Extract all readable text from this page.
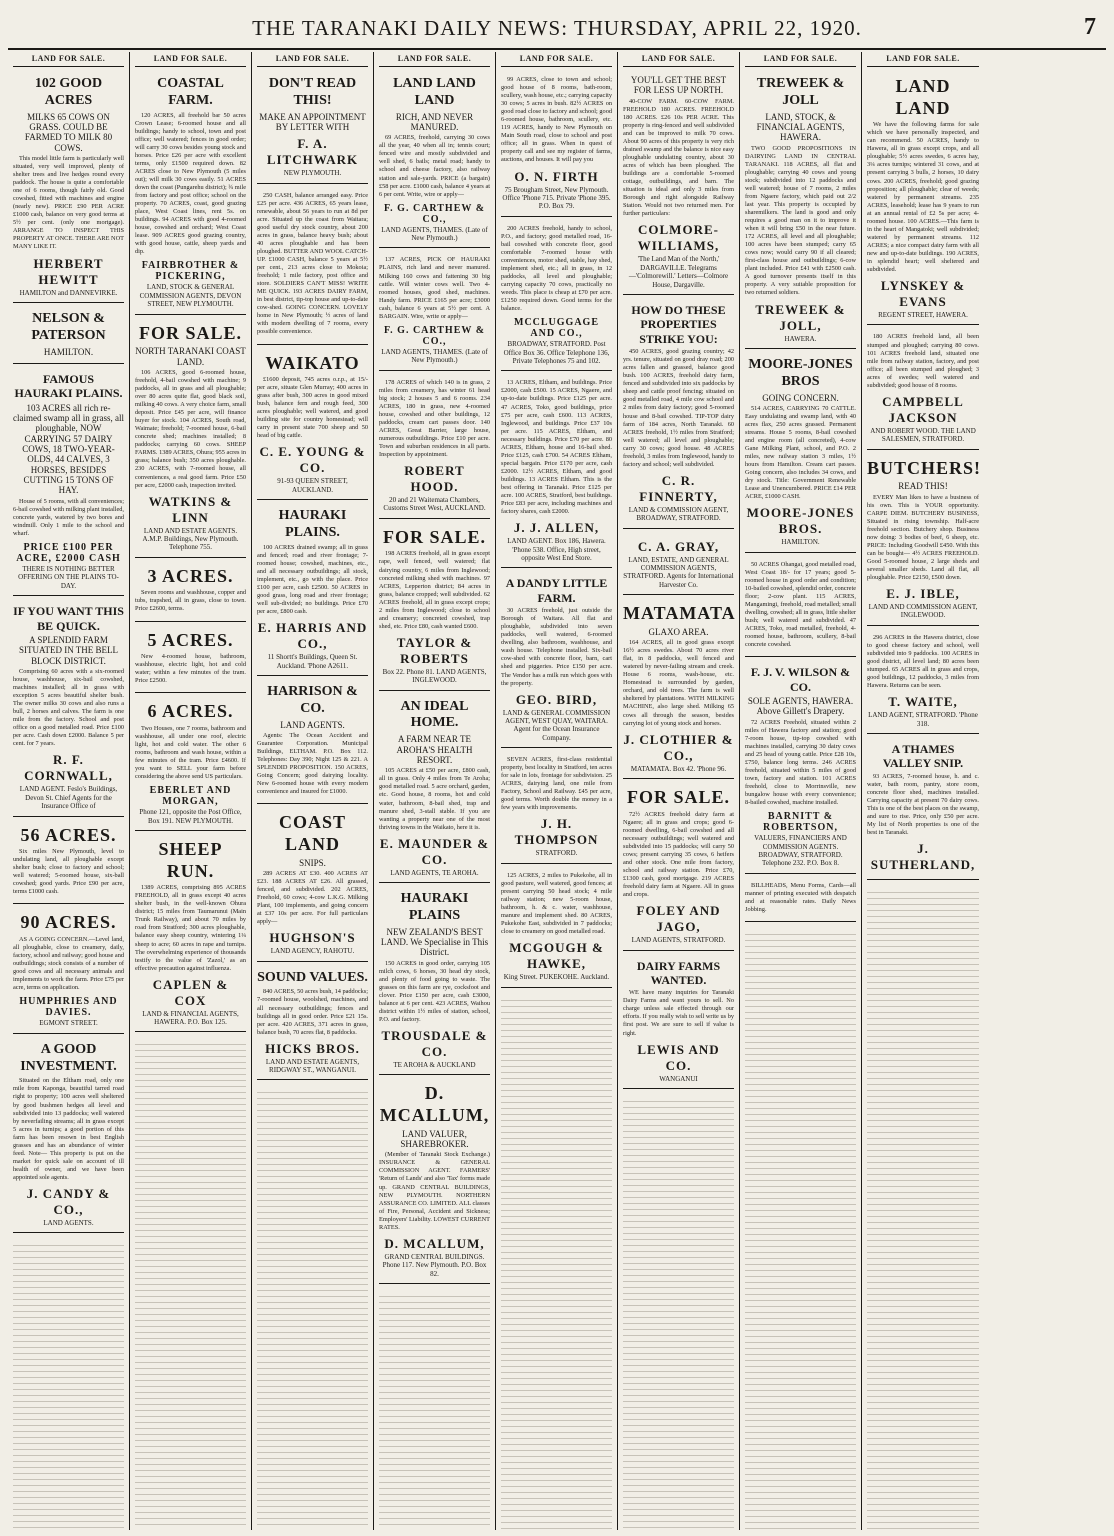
THE TARANAKI DAILY NEWS: THURSDAY, APRIL 22, 1920.	7
LAND FOR SALE.
102 GOOD ACRES
MILKS 65 COWS ON GRASS. COULD BE FARMED TO MILK 80 COWS.
This model little farm is particularly well situated, very well improved, plenty of shelter trees and live hedges round every paddock. The house is quite a comfortable one of 6 rooms, though fairly old. Good cowshed, fitted with machines and engine (nearly new). PRICE £90 PER ACRE £1000 cash, balance on very good terms at 5½ per cent. (only one mortgage). ARRANGE TO INSPECT THIS PROPERTY AT ONCE. THERE ARE NOT MANY LIKE IT.
HERBERT HEWITT
HAMILTON and DANNEVIRKE.
NELSON & PATERSON
HAMILTON.
FAMOUS HAURAKI PLAINS.
103 ACRES all rich re-claimed swamp all in grass, all ploughable, NOW CARRYING 57 DAIRY COWS, 18 TWO-YEAR-OLDS, 44 CALVES, 3 HORSES, BESIDES CUTTING 15 TONS OF HAY.
House of 5 rooms, with all conveniences; 6-bail cowshed with milking plant installed, concrete yards, watered by two bores and windmill. Only 1 mile to the school and wharf.
PRICE £100 PER ACRE, £2000 CASH
THERE IS NOTHING BETTER OFFERING ON THE PLAINS TO-DAY.
IF YOU WANT THIS BE QUICK.
A SPLENDID FARM SITUATED IN THE BELL BLOCK DISTRICT.
Comprising 60 acres with a six-roomed house, washhouse, six-bail cowshed, machines installed; all in grass with exception 5 acres beautiful shelter bush. The owner milks 30 cows and also runs a bull, 2 horses and calves. The farm is one mile from the factory. School and post office on a good metalled road. Price £100 per acre. Cash down £2000. Balance 5 per cent. for 7 years.
R. F. CORNWALL,
LAND AGENT. Feslo's Buildings, Devon St. Chief Agents for the Insurance Office of
56 ACRES.
Six miles New Plymouth, level to undulating land, all ploughable except shelter bush; close to factory and school; well watered; 5-roomed house, six-ball cowshed; good yards. Price £90 per acre, terms £1000 cash.
90 ACRES.
AS A GOING CONCERN.—Level land, all ploughable, close to creamery, daily, factory, school and railway; good house and outbuildings; stock consists of a number of good cows and all necessary animals and implements to work the farm. Price £75 per acre, terms on application.
HUMPHRIES AND DAVIES.
EGMONT STREET.
A GOOD INVESTMENT.
Situated on the Eltham road, only one mile from Kaponga, beautiful tarred road right to property; 100 acres well sheltered by good bushmen hedges all level and subdivided into 13 paddocks; well watered by neverfailing streams; all in grass except 5 acres in turnips; a good portion of this farm has been resown in best English grasses and has an abundance of winter feed. Note— This property is put on the market for quick sale on account of ill health of owner, and we have been appointed sole agents.
J. CANDY & CO.,
LAND AGENTS.
LAND FOR SALE.
COASTAL FARM.
120 ACRES, all freehold bar 50 acres Crown Lease; 6-roomed house and all buildings; handy to school, town and post office; well watered; fences in good order; will carry 30 cows besides young stock and horses. Price £26 per acre with excellent terms, only £1500 required down. 82 ACRES close to New Plymouth (5 miles out); will milk 30 cows easily. 51 ACRES down the coast (Pungarehu district); ¾ mile from factory and post office; school on the property. 70 ACRES, coast, good grazing place, West Coast lines, rent 5s. on buildings. 94 ACRES with good 4-roomed house, cowshed and orchard; West Coast lease. 909 ACRES good grazing country, with good house, cattle, sheep yards and dip.
FAIRBROTHER & PICKERING,
LAND, STOCK & GENERAL COMMISSION AGENTS, DEVON STREET, NEW PLYMOUTH.
FOR SALE.
NORTH TARANAKI COAST LAND.
106 ACRES, good 6-roomed house, freehold, 4-bail cowshed with machine; 9 paddocks, all in grass and all ploughable; over 80 acres quite flat, good black soil, milking 40 cows. A very choice farm, small deposit. Price £45 per acre, will finance buyer for stock. 104 ACRES, South road, Waimate; freehold; 7-roomed house, 6-bail concrete shed; machines installed; 8 paddocks; carrying 60 cows. SHEEP FARMS. 1389 ACRES, Ohura; 955 acres in grass; balance bush; 350 acres ploughable. 230 ACRES, with 7-roomed house, all conveniences, a real good farm. Price £50 per acre, £2000 cash, inspection invited.
WATKINS & LINN
LAND AND ESTATE AGENTS. A.M.P. Buildings, New Plymouth. Telephone 755.
3 ACRES.
Seven rooms and washhouse, copper and tubs, trapshed, all in grass, close to town. Price £2600, terms.
5 ACRES.
New 4-roomed house, bathroom, washhouse, electric light, hot and cold water; within a few minutes of the tram. Price £2500.
6 ACRES.
Two Houses, one 7 rooms, bathroom and washhouse, all under one roof, electric light, hot and cold water. The other 6 rooms, bathroom and wash house, within a few minutes of the tram. Price £4600. If you want to SELL your farm before considering the above send US particulars.
EBERLET AND MORGAN,
Phone 121, opposite the Post Office, Box 191. NEW PLYMOUTH.
SHEEP RUN.
1389 ACRES, comprising 895 ACRES FREEHOLD, all in grass except 40 acres shelter bush, in the well-known Ohura district; 15 miles from Taumarunui (Main Trunk Railway), and about 70 miles by road from Stratford; 300 acres ploughable, balance easy sheep country, wintering 1¼ sheep to acre; 60 acres in rape and turnips. The overwhelming experience of thousands testify to the value of 'Zazol,' as an effective precaution against influenza.
CAPLEN & COX
LAND & FINANCIAL AGENTS, HAWERA. P.O. Box 125.
LAND FOR SALE.
DON'T READ THIS!
MAKE AN APPOINTMENT BY LETTER WITH
F. A. LITCHWARK
NEW PLYMOUTH.
250 CASH, balance arranged easy. Price £25 per acre. 436 ACRES, 65 years lease, renewable, about 56 years to run at 8d per acre. Situated up the coast from Waitara; good useful dry stock country, about 200 acres in grass, balance heavy bush; about 40 acres ploughable and has been ploughed. BUTTER AND WOOL CATCH-UP. £1000 CASH, balance 5 years at 5½ per cent., 213 acres close to Mokoia; freehold; 1 mile factory, post office and store. SOLDIERS CAN'T MISS! WRITE ME QUICK. 193 ACRES DAIRY FARM, in best district, tip-top house and up-to-date cow-shed. GOING CONCERN. LOVELY home in New Plymouth; ½ acres of land with modern dwelling of 7 rooms, every possible convenience.
WAIKATO
£1600 deposit, 745 acres o.r.p., at 15/- per acre, situate Glen Murray; 400 acres in grass after bush, 300 acres in good mixed bush, balance fern and rough feed, 300 acres ploughable; well watered, and good building site for country homestead; will carry in present state 700 sheep and 50 head of big cattle.
C. E. YOUNG & CO.
91-93 QUEEN STREET, AUCKLAND.
HAURAKI PLAINS.
100 ACRES drained swamp; all in grass and fenced; road and river frontage; 7-roomed house; cowshed, machines, etc., and all necessary outbuildings; all stock, implement, etc., go with the place. Price £100 per acre, cash £2500. 50 ACRES in good grass, long road and river frontage; well sub-divided; no buildings. Price £70 per acre, £800 cash.
E. HARRIS AND CO.,
11 Shortt's Buildings, Queen St. Auckland. 'Phone A2611.
HARRISON & CO.
LAND AGENTS.
Agents: The Ocean Accident and Guarantee Corporation. Municipal Buildings, ELTHAM. P.O. Box 112. Telephones: Day 390; Night 125 & 221. A SPLENDID PROPOSITION. 150 ACRES, Going Concern; good dairying locality. New 6-roomed house with every modern convenience and insured for £1000.
COAST LAND
SNIPS.
289 ACRES AT £30. 400 ACRES AT £23. 188 ACRES AT £26. All grassed, fenced, and subdivided. 202 ACRES, Freehold, 60 cows; 4-cow L.K.G. Milking Plant, 100 implements, and going concern at £37 10s per acre. For full particulars apply—
HUGHSON'S
LAND AGENCY, RAHOTU.
SOUND VALUES.
840 ACRES, 50 acres bush, 14 paddocks; 7-roomed house, woolshed, machines, and all necessary outbuildings; fences and buildings all in good order. Price £21 15s. per acre. 420 ACRES, 371 acres in grass, balance bush, 70 acres flat, 8 paddocks.
HICKS BROS.
LAND AND ESTATE AGENTS, RIDGWAY ST., WANGANUI.
LAND FOR SALE.
LAND LAND LAND
RICH, AND NEVER MANURED.
69 ACRES, freehold, carrying 30 cows all the year, 40 when all in; tennis court; fenced wire and mostly subdivided and well shed, 6 bails; metal road; handy to school and cheese factory, also railway station and sale-yards. PRICE (a bargain) £58 per acre. £1000 cash, balance 4 years at 6 per cent. Write, wire or apply—
F. G. CARTHEW & CO.,
LAND AGENTS, THAMES. (Late of New Plymouth.)
137 ACRES, PICK OF HAURAKI PLAINS, rich land and never manured. Milking 160 cows and fattening 30 big cattle. Will winter cows well. Two 4-roomed houses, good shed, machines. Handy farm. PRICE £165 per acre; £3000 cash, balance 6 years at 5½ per cent. A BARGAIN. Wire, write or apply—
F. G. CARTHEW & CO.,
LAND AGENTS, THAMES. (Late of New Plymouth.)
178 ACRES of which 140 is in grass, 2 miles from creamery, has winter 61 head big stock; 2 houses 5 and 6 rooms. 234 ACRES, 180 in grass, new 4-roomed house, cowshed and other buildings, 12 paddocks, cream cart passes door. 140 ACRES, Great Barrier, large house, numerous outbuildings. Price £10 per acre. Town and suburban residences in all parts. Inspection by appointment.
ROBERT HOOD.
20 and 21 Waitemata Chambers, Customs Street West, AUCKLAND.
FOR SALE.
198 ACRES freehold, all in grass except rape, well fenced, well watered; flat dairying country, 6 miles from Inglewood; concreted milking shed with machines. 97 ACRES, Lepperton district; 84 acres in grass, balance cropped; well subdivided. 62 ACRES freehold, all in grass except crops; 2 miles from Inglewood; close to school and creamery; concreted cowshed, trap shed, etc. Price £80, cash wanted £600.
TAYLOR & ROBERTS
Box 22. Phone 81. LAND AGENTS, INGLEWOOD.
AN IDEAL HOME.
A FARM NEAR TE AROHA'S HEALTH RESORT.
105 ACRES at £50 per acre, £800 cash, all in grass. Only 4 miles from Te Aroha; good metalled road. 5 acre orchard, garden, etc. Good house, 8 rooms, hot and cold water, bathroom, 8-bail shed, trap and manure shed, 3-stall stable. If you are wanting a property near one of the most thriving towns in the Waikato, here it is.
E. MAUNDER & CO.
LAND AGENTS, TE AROHA.
HAURAKI PLAINS
NEW ZEALAND'S BEST LAND. We Specialise in This District.
150 ACRES in good order, carrying 105 milch cows, 6 horses, 30 head dry stock, and plenty of food going to waste. The grasses on this farm are rye, cocksfoot and clover. Price £150 per acre, cash £3000, balance at 6 per cent. 423 ACRES, Waihou district within 1½ miles of station, school, P.O. and factory.
TROUSDALE & CO.
TE AROHA & AUCKLAND
D. MCALLUM,
LAND VALUER, SHAREBROKER.
(Member of Taranaki Stock Exchange.) INSURANCE & GENERAL COMMISSION AGENT. FARMERS' 'Return of Lands' and also 'Tax' forms made up. GRAND CENTRAL BUILDINGS, NEW PLYMOUTH. NORTHERN ASSURANCE CO. LIMITED. ALL classes of Fire, Personal, Accident and Sickness; Employers' Liability. LOWEST CURRENT RATES.
D. MCALLUM,
GRAND CENTRAL BUILDINGS. Phone 117. New Plymouth. P.O. Box 82.
LAND FOR SALE.
99 ACRES, close to town and school; good house of 8 rooms, bath-room, scullery, wash house, etc.; carrying capacity 30 cows; 5 acres in bush. 82½ ACRES on good road close to factory and school; good 6-roomed house, bathroom, scullery, etc. 119 ACRES, handy to New Plymouth on Main South road, close to school and post office; all in grass. When in quest of property call and see my register of farms, auctions, and houses. It will pay you
O. N. FIRTH
75 Brougham Street, New Plymouth. Office 'Phone 715. Private 'Phone 395. P.O. Box 79.
200 ACRES freehold, handy to school, P.O., and factory; good metalled road, 16-bail cowshed with concrete floor, good comfortable 7-roomed house with conveniences, motor shed, stable, hay shed, implement shed, etc.; all in grass, in 12 paddocks, all level and ploughable; carrying capacity 70 cows, practically no weeds. This place is cheap at £70 per acre. £1250 required down. Good terms for the balance.
MCCLUGGAGE AND CO.,
BROADWAY, STRATFORD. Post Office Box 36. Office Telephone 136, Private Telephones 75 and 102.
13 ACRES, Eltham, and buildings. Price £2000, cash £500. 15 ACRES, Ngaere, and up-to-date buildings. Price £125 per acre. 47 ACRES, Toko, good buildings, price £75 per acre, cash £600. 113 ACRES, Inglewood, and buildings. Price £37 10s per acre. 115 ACRES, Eltham, and necessary buildings. Price £70 per acre. 80 ACRES, Eltham, house and 16-bail shed. Price £125, cash £700. 54 ACRES Eltham, special bargain. Price £170 per acre, cash £2000. 12½ ACRES, Eltham, and good buildings. 13 ACRES Eltham. This is the best offering in Taranaki. Price £125 per acre. 100 ACRES, Stratford, best buildings. Price £83 per acre, including machines and factory shares, cash £2000.
J. J. ALLEN,
LAND AGENT. Box 186, Hawera. 'Phone 538. Office, High street, opposite West End Store.
A DANDY LITTLE FARM.
30 ACRES freehold, just outside the Borough of Waitara. All flat and ploughable, subdivided into seven paddocks, well watered, 6-roomed dwelling, also bathroom, washhouse, and wash house. Telephone installed. Six-bail cow-shed with concrete floor, barn, cart shed and piggeries. Price £150 per acre. The Vendor has a milk run which goes with the property.
GEO. BIRD,
LAND & GENERAL COMMISSION AGENT, WEST QUAY, WAITARA. Agent for the Ocean Insurance Company.
SEVEN ACRES, first-class residential property, best locality in Stratford, ten acres for sale in lots, frontage for subdivision. 25 ACRES, dairying land, one mile from Factory, School and Railway. £45 per acre, good terms. Worth double the money in a few years with improvements.
J. H. THOMPSON
STRATFORD.
125 ACRES, 2 miles to Pukekohe, all in good pasture, well watered, good fences; at present carrying 50 head stock; 4 mile railway station; new 5-room house, bathroom, h. & c. water, washhouse, manure and implement shed. 80 ACRES, Pukekohe East, subdivided in 7 paddocks; close to creamery on good metalled road.
MCGOUGH & HAWKE,
King Street. PUKEKOHE. Auckland.
LAND FOR SALE.
YOU'LL GET THE BEST FOR LESS UP NORTH.
40-COW FARM. 60-COW FARM. FREEHOLD 180 ACRES. FREEHOLD 180 ACRES. £26 10s PER ACRE. This property is ring-fenced and well subdivided and can be improved to milk 70 cows. About 90 acres of this property is very rich drained swamp and the balance is nice easy ploughable undulating country, about 30 acres of which has been ploughed. The buildings are a comfortable 5-roomed cottage, outbuildings, and barn. The situation is ideal and only 3 miles from Borough and right alongside Railway Station. Would not two returned men. For further particulars:
COLMORE-WILLIAMS,
'The Land Man of the North,' DARGAVILLE. Telegrams—'Colmorewill.' Letters—Colmore House, Dargaville.
HOW DO THESE PROPERTIES STRIKE YOU:
450 ACRES, good grazing country; 42 yrs. tenure, situated on good dray road; 200 acres fallen and grassed, balance good bush. 100 ACRES, freehold dairy farm, fenced and subdivided into six paddocks by sheep and cattle proof fencing; situated on good metalled road, 4 mile cow school and 2 miles from dairy factory; good 5-roomed house and 8-bail cowshed. TIP-TOP dairy farm of 184 acres, North Taranaki. 60 ACRES freehold, 1½ miles from Stratford; well watered; all level and ploughable; carry 30 cows; good house. 48 ACRES freehold, 3 miles from Inglewood, handy to factory and school; well subdivided.
C. R. FINNERTY,
LAND & COMMISSION AGENT, BROADWAY, STRATFORD.
C. A. GRAY,
LAND, ESTATE, AND GENERAL COMMISSION AGENTS, STRATFORD. Agents for International Harvester Co.
MATAMATA
GLAXO AREA.
164 ACRES, all in good grass except 16½ acres swedes. About 70 acres river flat, in 8 paddocks, well fenced and watered by never-failing stream and creek. House 6 rooms, wash-house, etc. Homestead is surrounded by garden, orchard, and old trees. The farm is well sheltered by plantations. WITH MILKING MACHINE, also large shed. Milking 65 cows all through the season, besides carrying lot of young stock and horses.
J. CLOTHIER & CO.,
MATAMATA. Box 42. 'Phone 96.
FOR SALE.
72½ ACRES freehold dairy farm at Ngaere; all in grass and crops; good 6-roomed dwelling, 6-bail cowshed and all necessary outbuildings; well watered and subdivided into 15 paddocks; will carry 50 cows; present carrying 35 cows, 6 heifers and other stock. One mile from factory, school and railway station. Price £70, £1300 cash, good mortgage. 219 ACRES freehold dairy farm at Ngaere. All in grass and crops.
FOLEY AND JAGO,
LAND AGENTS, STRATFORD.
DAIRY FARMS WANTED.
WE have many inquiries for Taranaki Dairy Farms and want yours to sell. No charge unless sale effected through our efforts. If you really wish to sell write us by first post. We are sure to sell if value is right.
LEWIS AND CO.
WANGANUI
LAND FOR SALE.
TREWEEK & JOLL
LAND, STOCK, & FINANCIAL AGENTS, HAWERA.
TWO GOOD PROPOSITIONS IN DAIRYING LAND IN CENTRAL TARANAKI. 118 ACRES, all flat and ploughable; carrying 40 cows and young stock; subdivided into 12 paddocks and well watered; house of 7 rooms, 2 miles from Ngaere factory, which paid out 2/2 last year. This property is occupied by sharemilkers. The land is good and only requires a good man on it to improve it when it will bring £50 in the near future. 172 ACRES, all level and all ploughable; 100 acres have been stumped; carry 65 cows now; would carry 90 if all cleared; first-class house and outbuildings; 6-cow plant included. Price £41 with £2500 cash. A good turnover presents itself in this property. A very suitable proposition for two returned soldiers.
TREWEEK & JOLL,
HAWERA.
MOORE-JONES BROS
GOING CONCERN.
514 ACRES, CARRYING 70 CATTLE. Easy undulating and swamp land, with 40 acres flax, 250 acres grassed. Permanent streams. House 5 rooms, 8-bail cowshed and engine room (all concreted), 4-cow Gane Milking Plant, school, and P.O. 2 miles, new railway station 3 miles, 1½ hours from Hamilton. Cream cart passes. Going concern, also includes 34 cows, and dry stock. Title: Government Renewable Lease and Unencumbered. PRICE £14 PER ACRE, £1000 CASH.
MOORE-JONES BROS.
HAMILTON.
50 ACRES Ohangai, good metalled road, West Coast 18/- for 17 years; good 5-roomed house in good order and condition; 10-bailed cowshed, splendid order, concrete floor; 2-cow plant. 115 ACRES, Mangamingi, freehold, road metalled; small dwelling, cowshed; all in grass, little shelter bush; well watered and subdivided. 47 ACRES, Toko, road metalled, freehold, 4-roomed house, bathroom, scullery, 8-bail concrete cowshed.
F. J. V. WILSON & CO.
SOLE AGENTS, HAWERA. Above Gillett's Drapery.
72 ACRES Freehold, situated within 2 miles of Hawera factory and station; good 7-room house, tip-top cowshed with machines installed, carrying 30 dairy cows and 25 head of young cattle. Price £28 10s, £750, balance long terms. 246 ACRES freehold, situated within 5 miles of good town, factory and station. 101 ACRES freehold, close to Morrinsville, new bungalow house with every convenience; 8-bailed cowshed, machine installed.
BARNITT & ROBERTSON,
VALUERS, FINANCIERS AND COMMISSION AGENTS. BROADWAY, STRATFORD. Telephone 232. P.O. Box 8.
BILLHEADS, Menu Forms, Cards—all manner of printing executed with despatch and at reasonable rates. Daily News Jobbing.
LAND FOR SALE.
LAND LAND
We have the following farms for sale which we have personally inspected, and can recommend. 50 ACRES, handy to Hawera, all in grass except crops, and all ploughable; 5½ acres swedes, 6 acres hay, 3¼ acres turnips; wintered 31 cows, and at present carrying 3 bulls, 2 horses, 10 dairy cows. 200 ACRES, freehold; good grazing proposition; all ploughable; clear of weeds; watered by permanent streams. 235 ACRES, leasehold; lease has 9 years to run at an annual rental of £2 5s per acre; 4-roomed house. 100 ACRES.—This farm is in the heart of Mangatoki; well subdivided; watered by permanent streams. 112 ACRES; a nice compact dairy farm with all new and up-to-date buildings. 190 ACRES, in splendid heart; well sheltered and subdivided.
LYNSKEY & EVANS
REGENT STREET, HAWERA.
180 ACRES freehold land, all been stumped and ploughed; carrying 80 cows. 101 ACRES freehold land, situated one mile from railway station, factory, and post office; all been stumped and ploughed; 3 acres of swedes; well watered and subdivided; good house of 8 rooms.
CAMPBELL JACKSON
AND ROBERT WOOD. THE LAND SALESMEN, STRATFORD.
BUTCHERS!
READ THIS!
EVERY Man likes to have a business of his own. This is YOUR opportunity. CARPE DIEM. BUTCHERY BUSINESS, Situated in rising township. Half-acre freehold section. Butchery shop. Business now doing: 3 bodies of beef, 6 sheep, etc. PRICE: Including Goodwill £450. With this can be bought— 4½ ACRES FREEHOLD. Good 5-roomed house, 2 large sheds and several smaller sheds. Land all flat, all ploughable. Price £2150, £500 down.
E. J. IBLE,
LAND AND COMMISSION AGENT, INGLEWOOD.
296 ACRES in the Hawera district, close to good cheese factory and school, well subdivided into 9 paddocks. 100 ACRES in good district, all level land; 80 acres been stumped. 65 ACRES all in grass and crops, good buildings, 12 paddocks, 3 miles from Hawera. Returns can be seen.
T. WAITE,
LAND AGENT, STRATFORD. 'Phone 318.
A THAMES VALLEY SNIP.
93 ACRES, 7-roomed house, h. and c. water, bath room, pantry, store room, concrete floor shed, machines installed. Carrying capacity at present 70 dairy cows. This is one of the best places on the swamp, and sure to rise. Price, only £50 per acre. My list of North properties is one of the best in Taranaki.
J. SUTHERLAND,
